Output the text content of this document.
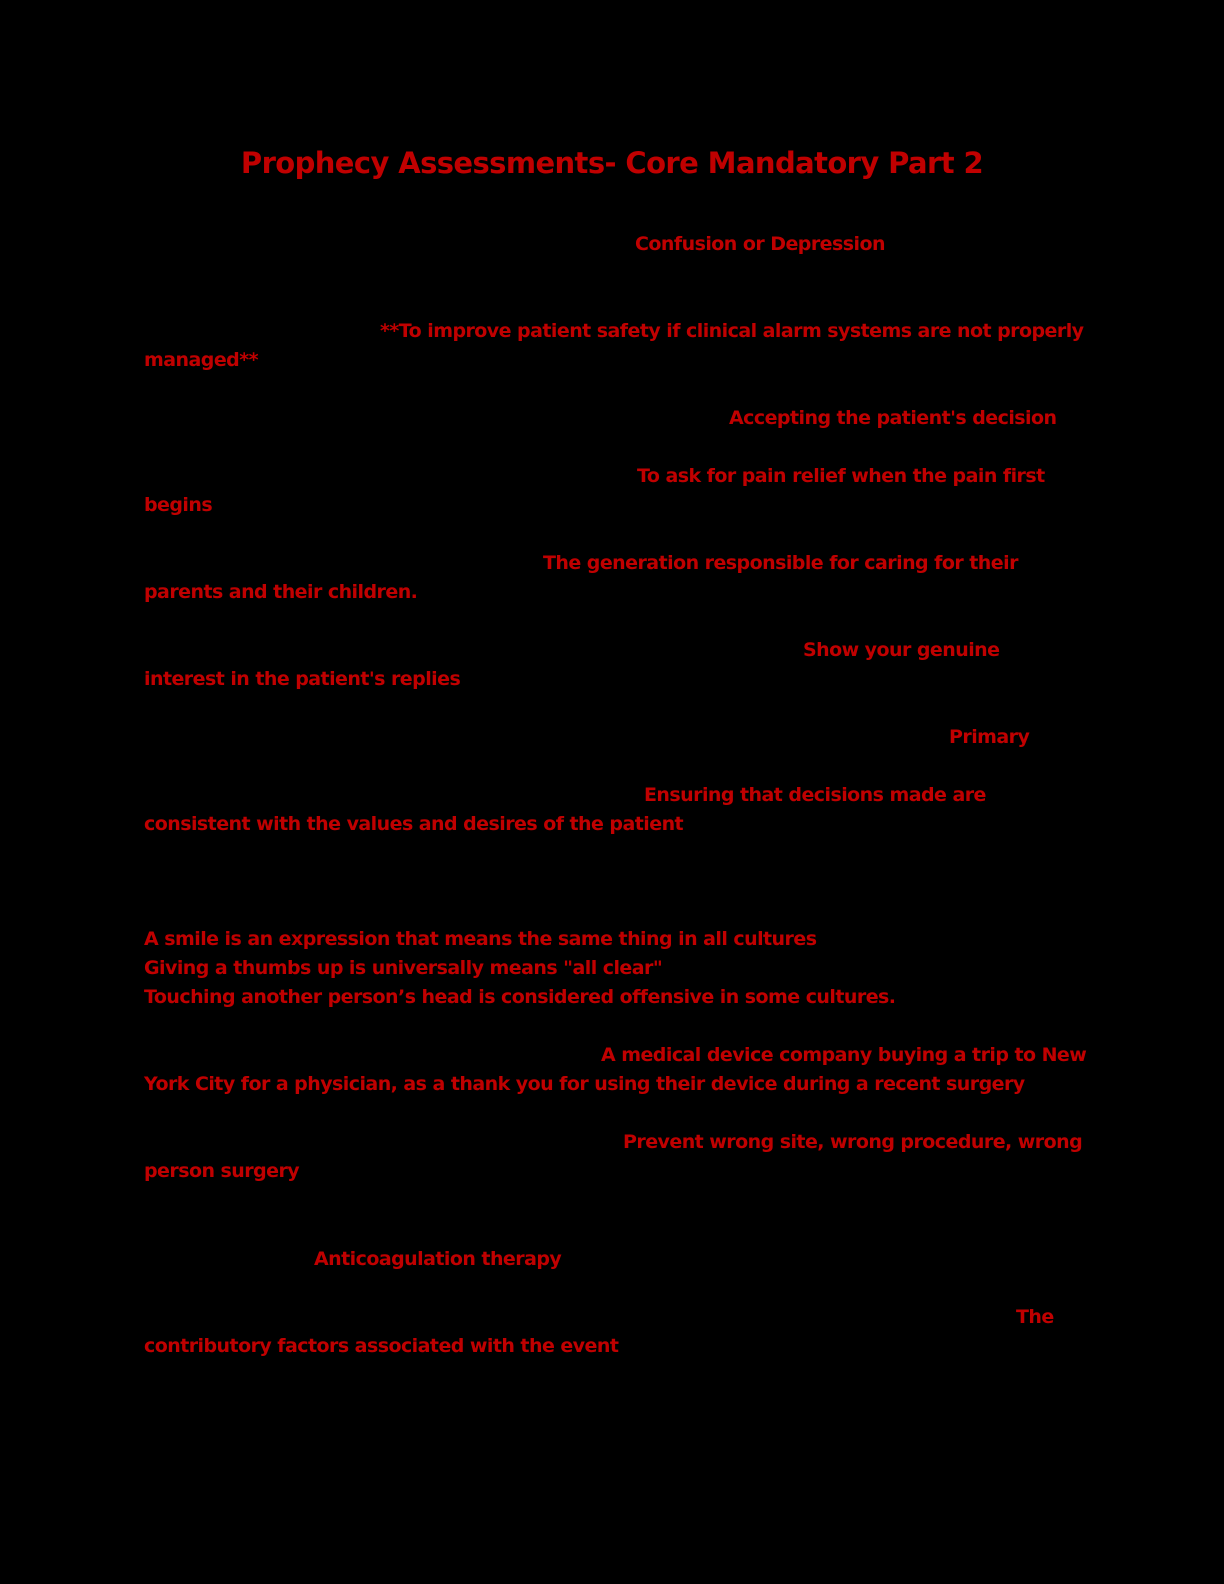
Prophecy Assessments- Core Mandatory Part 2
Confusion or Depression
**To improve patient safety if clinical alarm systems are not properly
managed**
Accepting the patient's decision
To ask for pain relief when the pain first
begins
The generation responsible for caring for their
parents and their children.
Show your genuine
interest in the patient's replies
Primary
Ensuring that decisions made are
consistent with the values and desires of the patient
A smile is an expression that means the same thing in all cultures
Giving a thumbs up is universally means "all clear"
Touching another person’s head is considered offensive in some cultures.
A medical device company buying a trip to New
York City for a physician, as a thank you for using their device during a recent surgery
Prevent wrong site, wrong procedure, wrong
person surgery
Anticoagulation therapy
The
contributory factors associated with the event
